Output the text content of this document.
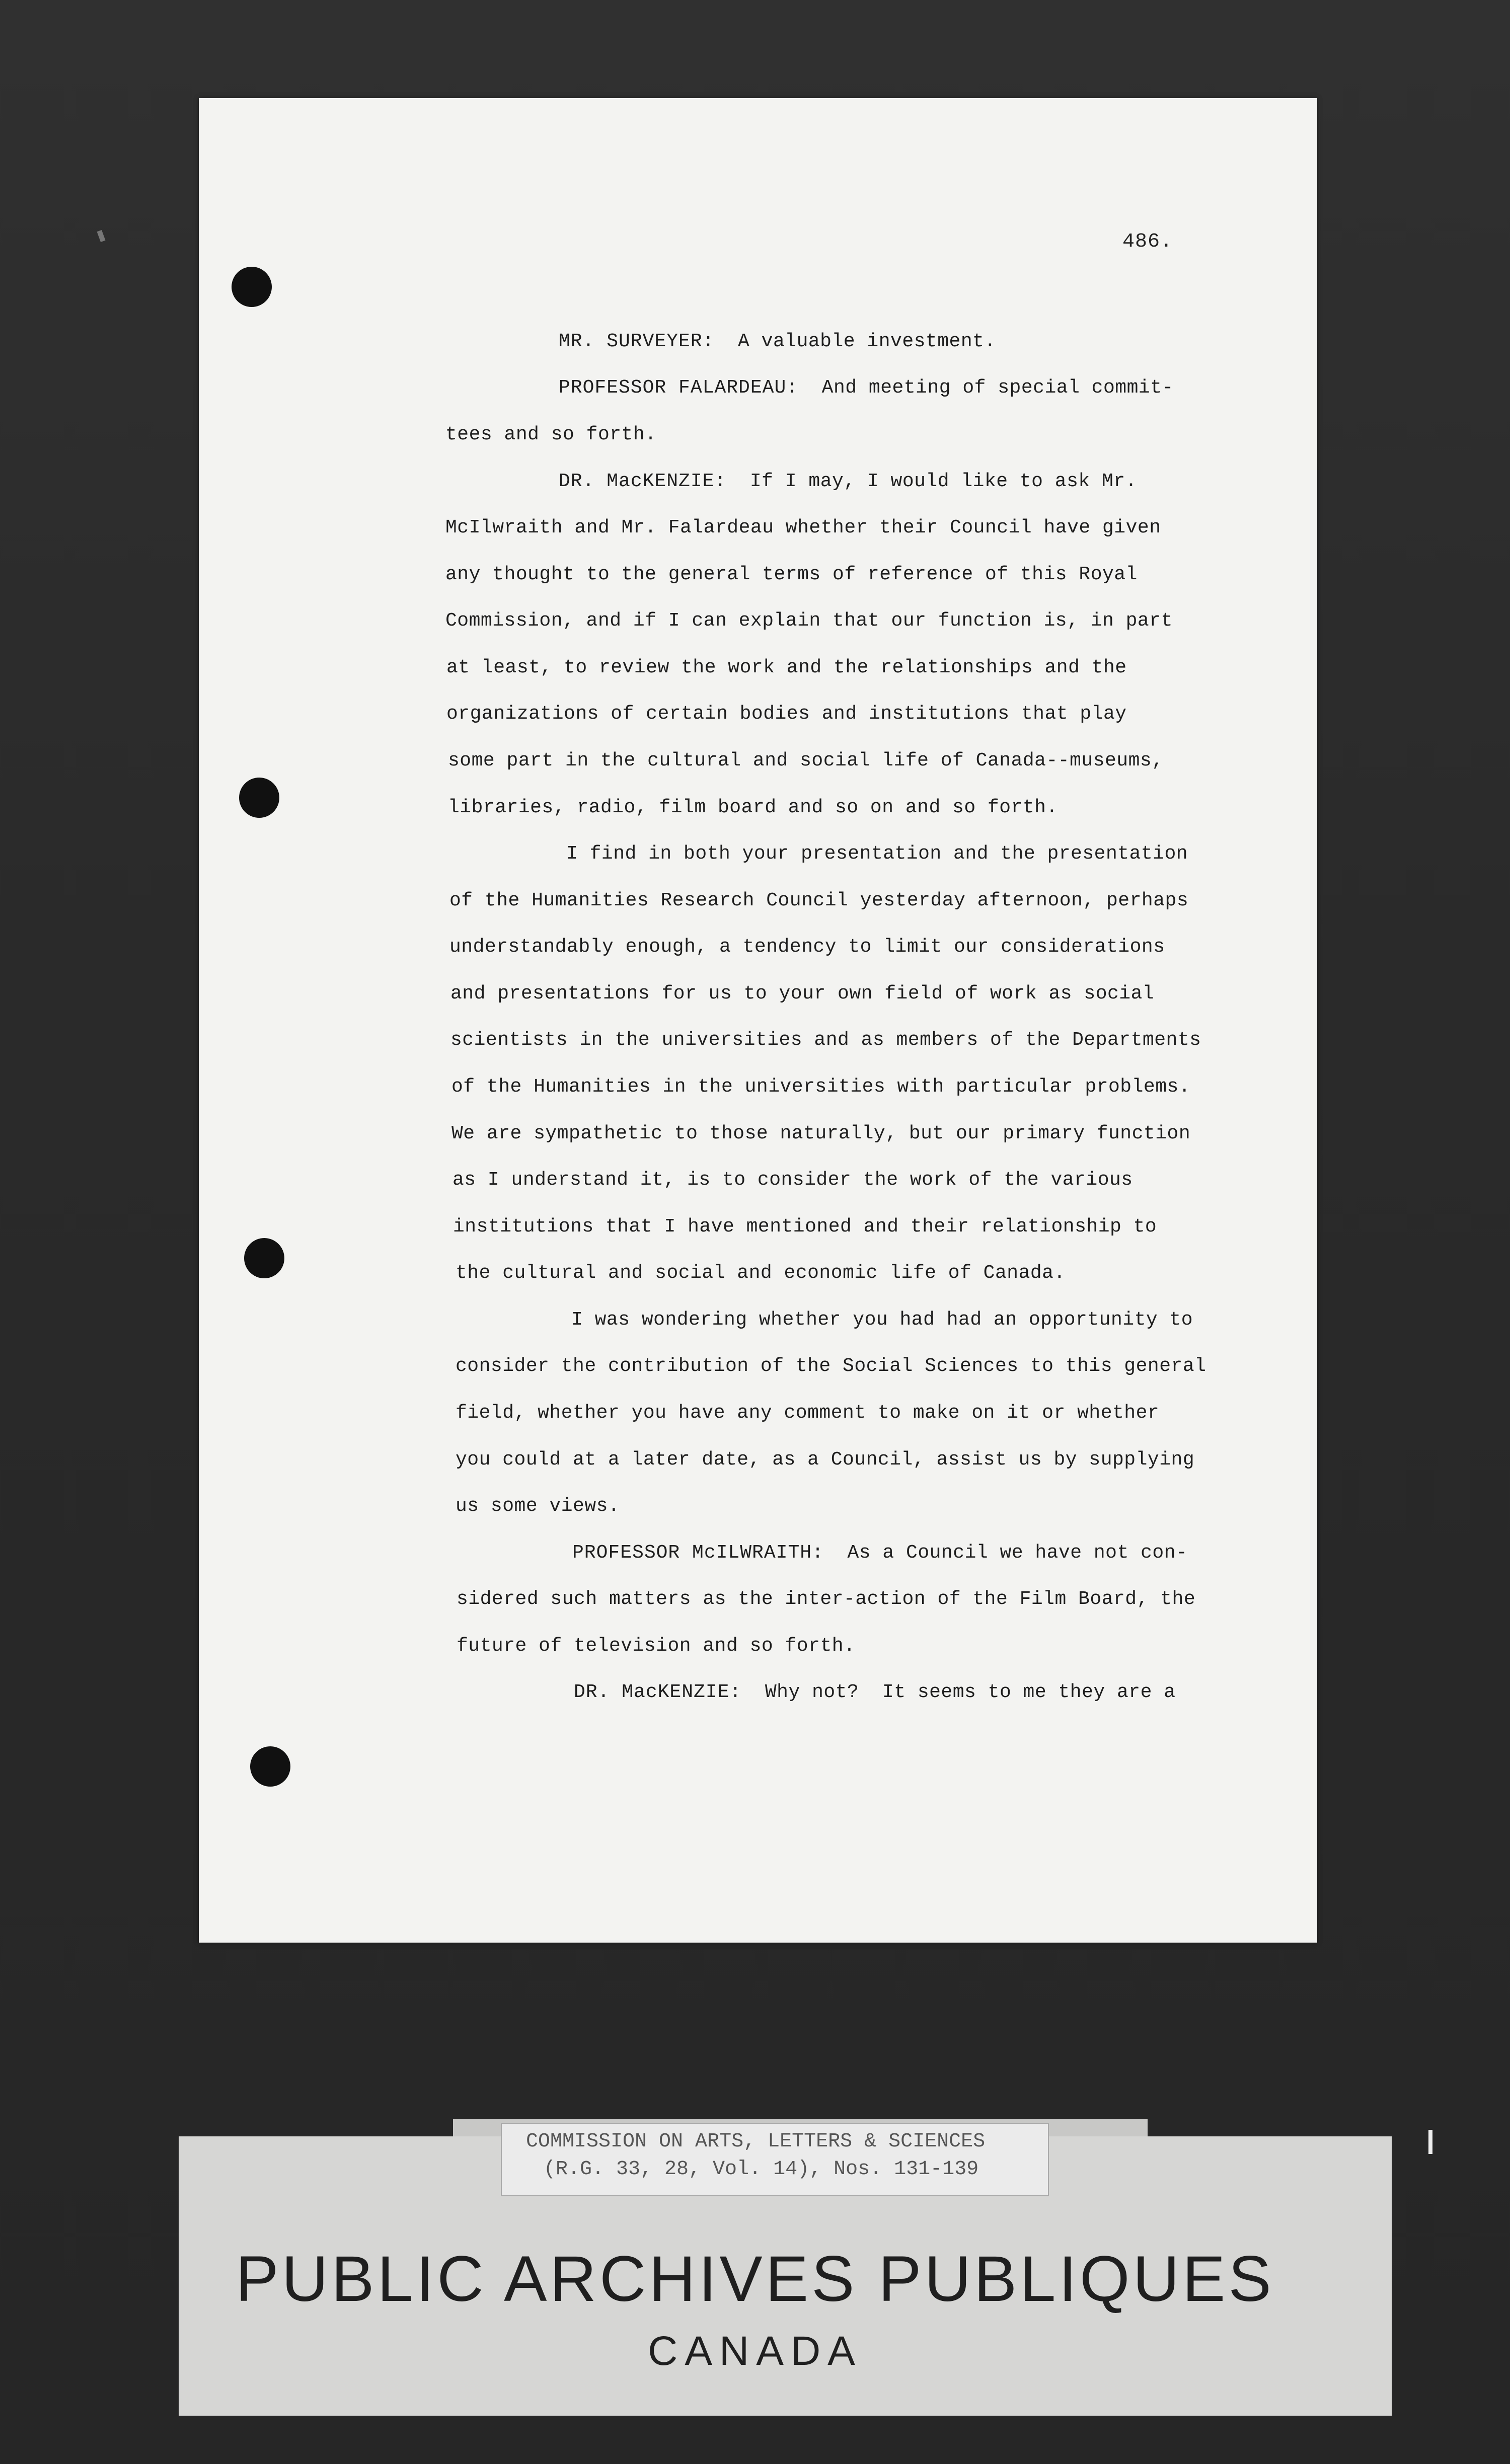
486.
MR. SURVEYER:  A valuable investment.
PROFESSOR FALARDEAU:  And meeting of special commit-
tees and so forth.
DR. MacKENZIE:  If I may, I would like to ask Mr.
McIlwraith and Mr. Falardeau whether their Council have given
any thought to the general terms of reference of this Royal
Commission, and if I can explain that our function is, in part
at least, to review the work and the relationships and the
organizations of certain bodies and institutions that play
some part in the cultural and social life of Canada--museums,
libraries, radio, film board and so on and so forth.
I find in both your presentation and the presentation
of the Humanities Research Council yesterday afternoon, perhaps
understandably enough, a tendency to limit our considerations
and presentations for us to your own field of work as social
scientists in the universities and as members of the Departments
of the Humanities in the universities with particular problems.
We are sympathetic to those naturally, but our primary function
as I understand it, is to consider the work of the various
institutions that I have mentioned and their relationship to
the cultural and social and economic life of Canada.
I was wondering whether you had had an opportunity to
consider the contribution of the Social Sciences to this general
field, whether you have any comment to make on it or whether
you could at a later date, as a Council, assist us by supplying
us some views.
PROFESSOR McILWRAITH:  As a Council we have not con-
sidered such matters as the inter-action of the Film Board, the
future of television and so forth.
DR. MacKENZIE:  Why not?  It seems to me they are a
COMMISSION ON ARTS, LETTERS & SCIENCES
(R.G. 33, 28, Vol. 14), Nos. 131-139
PUBLIC ARCHIVES PUBLIQUES
CANADA
